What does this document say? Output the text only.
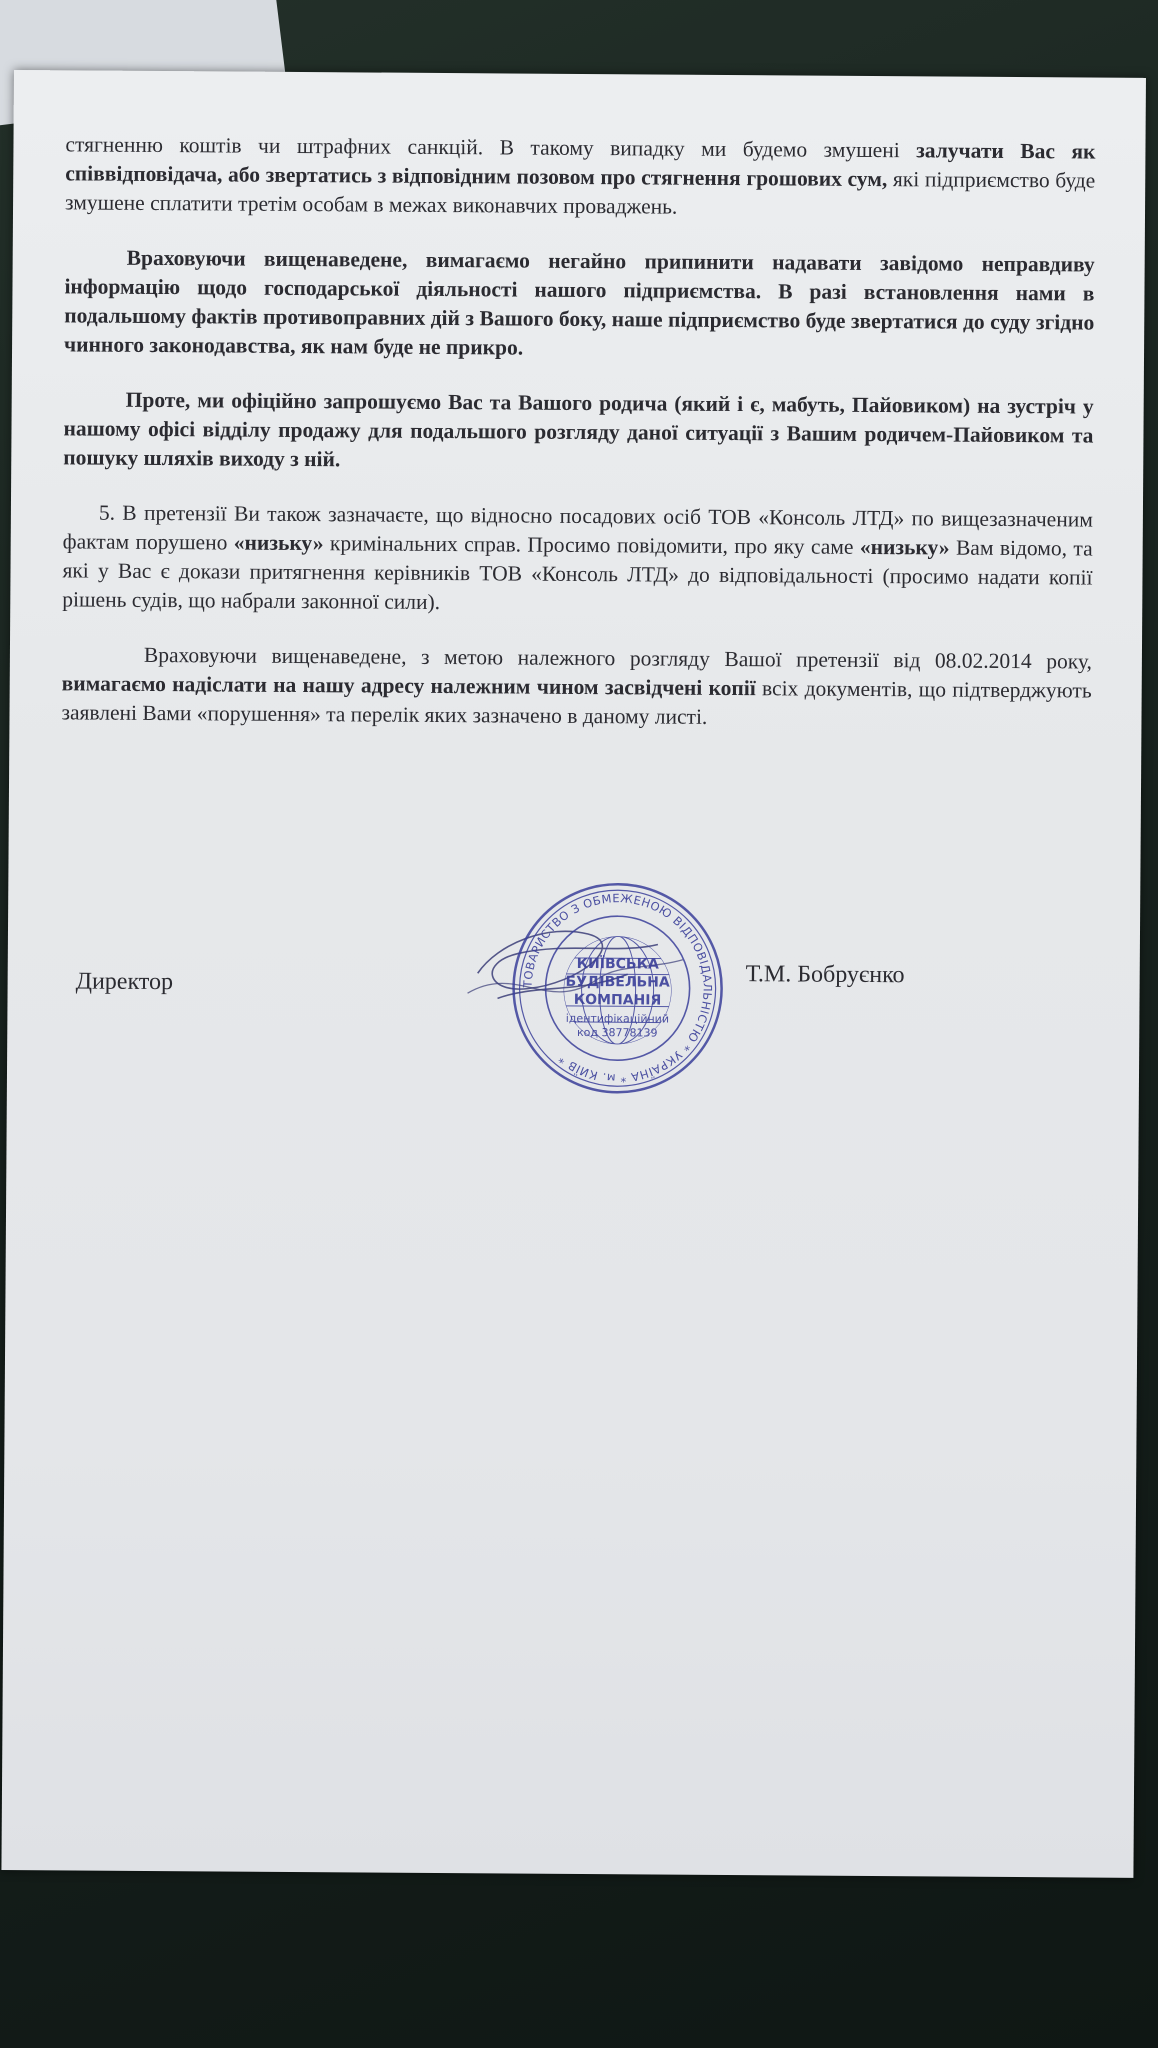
стягненню коштів чи штрафних санкцій. В такому випадку ми будемо змушені залучати Вас як співвідповідача, або звертатись з відповідним позовом про стягнення грошових сум, які підприємство буде змушене сплатити третім особам в межах виконавчих проваджень.

Враховуючи вищенаведене, вимагаємо негайно припинити надавати завідомо неправдиву інформацію щодо господарської діяльності нашого підприємства. В разі встановлення нами в подальшому фактів противоправних дій з Вашого боку, наше підприємство буде звертатися до суду згідно чинного законодавства, як нам буде не прикро.

Проте, ми офіційно запрошуємо Вас та Вашого родича (який і є, мабуть, Пайовиком) на зустріч у нашому офісі відділу продажу для подальшого розгляду даної ситуації з Вашим родичем-Пайовиком та пошуку шляхів виходу з ній.

5. В претензії Ви також зазначаєте, що відносно посадових осіб ТОВ «Консоль ЛТД» по вищезазначеним фактам порушено «низьку» кримінальних справ. Просимо повідомити, про яку саме «низьку» Вам відомо, та які у Вас є докази притягнення керівників ТОВ «Консоль ЛТД» до відповідальності (просимо надати копії рішень судів, що набрали законної сили).

Враховуючи вищенаведене, з метою належного розгляду Вашої претензії від 08.02.2014 року, вимагаємо надіслати на нашу адресу належним чином засвідчені копії всіх документів, що підтверджують заявлені Вами «порушення» та перелік яких зазначено в даному листі.

Директор	ТОВАРИСТВО З ОБМЕЖЕНОЮ ВІДПОВІДАЛЬНІСТЮ * УКРАЇНА * м. КИЇВ *
КИЇВСЬКА
БУДІВЕЛЬНА
КОМПАНІЯ
ідентифікаційний
код 38778139
Т.М. Бобруєнко
